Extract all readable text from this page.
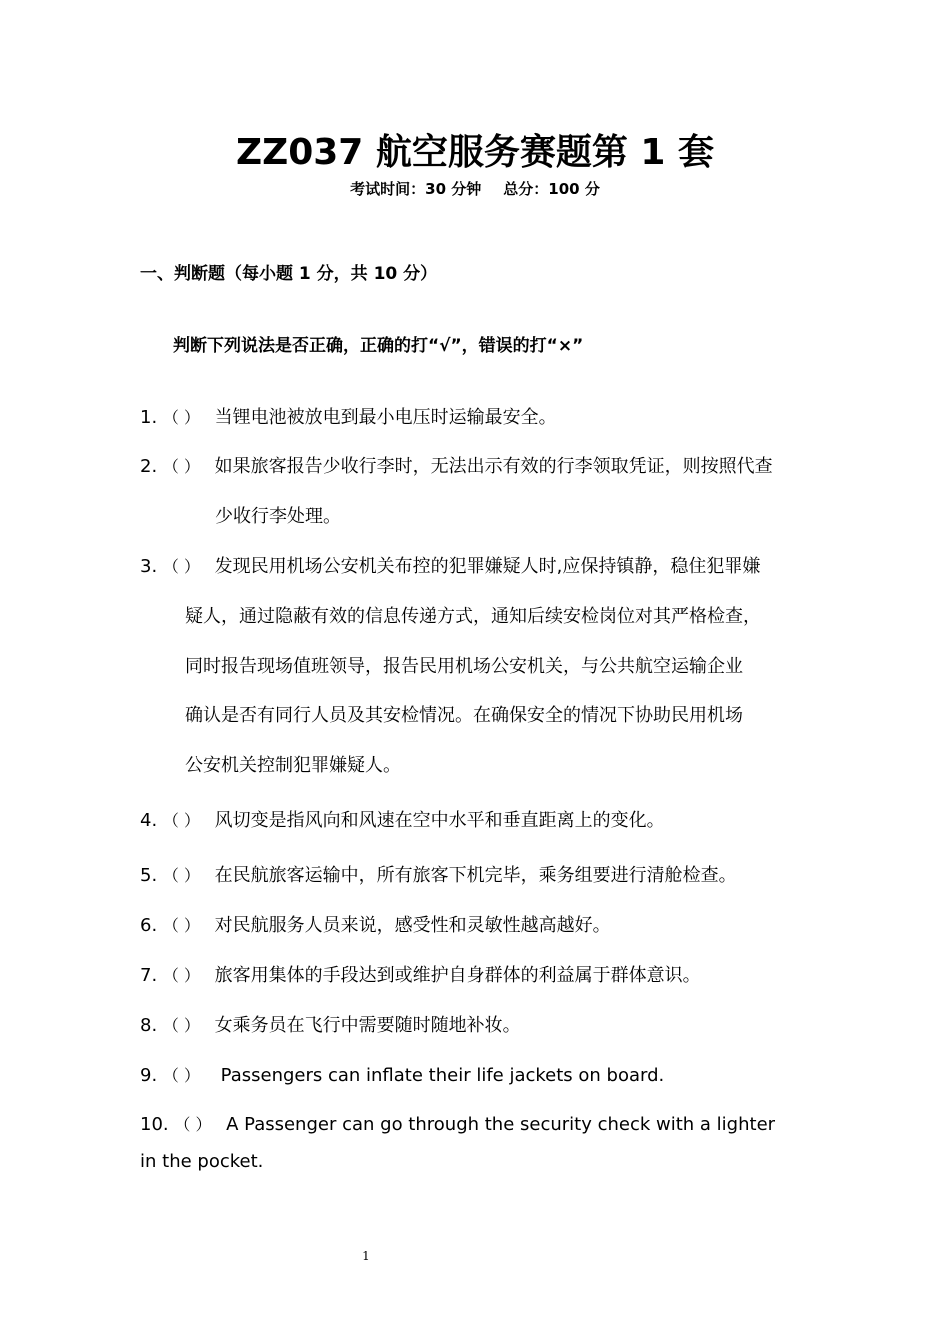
ZZ037 航空服务赛题第 1 套
考试时间：30 分钟 总分：100 分
一、判断题（每小题 1 分，共 10 分）
判断下列说法是否正确，正确的打“√”，错误的打“×”
1. （ ） 当锂电池被放电到最小电压时运输最安全。
2. （ ） 如果旅客报告少收行李时，无法出示有效的行李领取凭证，则按照代查
少收行李处理。
3. （ ） 发现民用机场公安机关布控的犯罪嫌疑人时,应保持镇静，稳住犯罪嫌
疑人，通过隐蔽有效的信息传递方式，通知后续安检岗位对其严格检查，
同时报告现场值班领导，报告民用机场公安机关，与公共航空运输企业
确认是否有同行人员及其安检情况。在确保安全的情况下协助民用机场
公安机关控制犯罪嫌疑人。
4. （ ） 风切变是指风向和风速在空中水平和垂直距离上的变化。
5. （ ） 在民航旅客运输中，所有旅客下机完毕，乘务组要进行清舱检查。
6. （ ） 对民航服务人员来说，感受性和灵敏性越高越好。
7. （ ） 旅客用集体的手段达到或维护自身群体的利益属于群体意识。
8. （ ） 女乘务员在飞行中需要随时随地补妆。
9. （ ） Passengers can inflate their life jackets on board.
10. （ ） A Passenger can go through the security check with a lighter
in the pocket.
1
